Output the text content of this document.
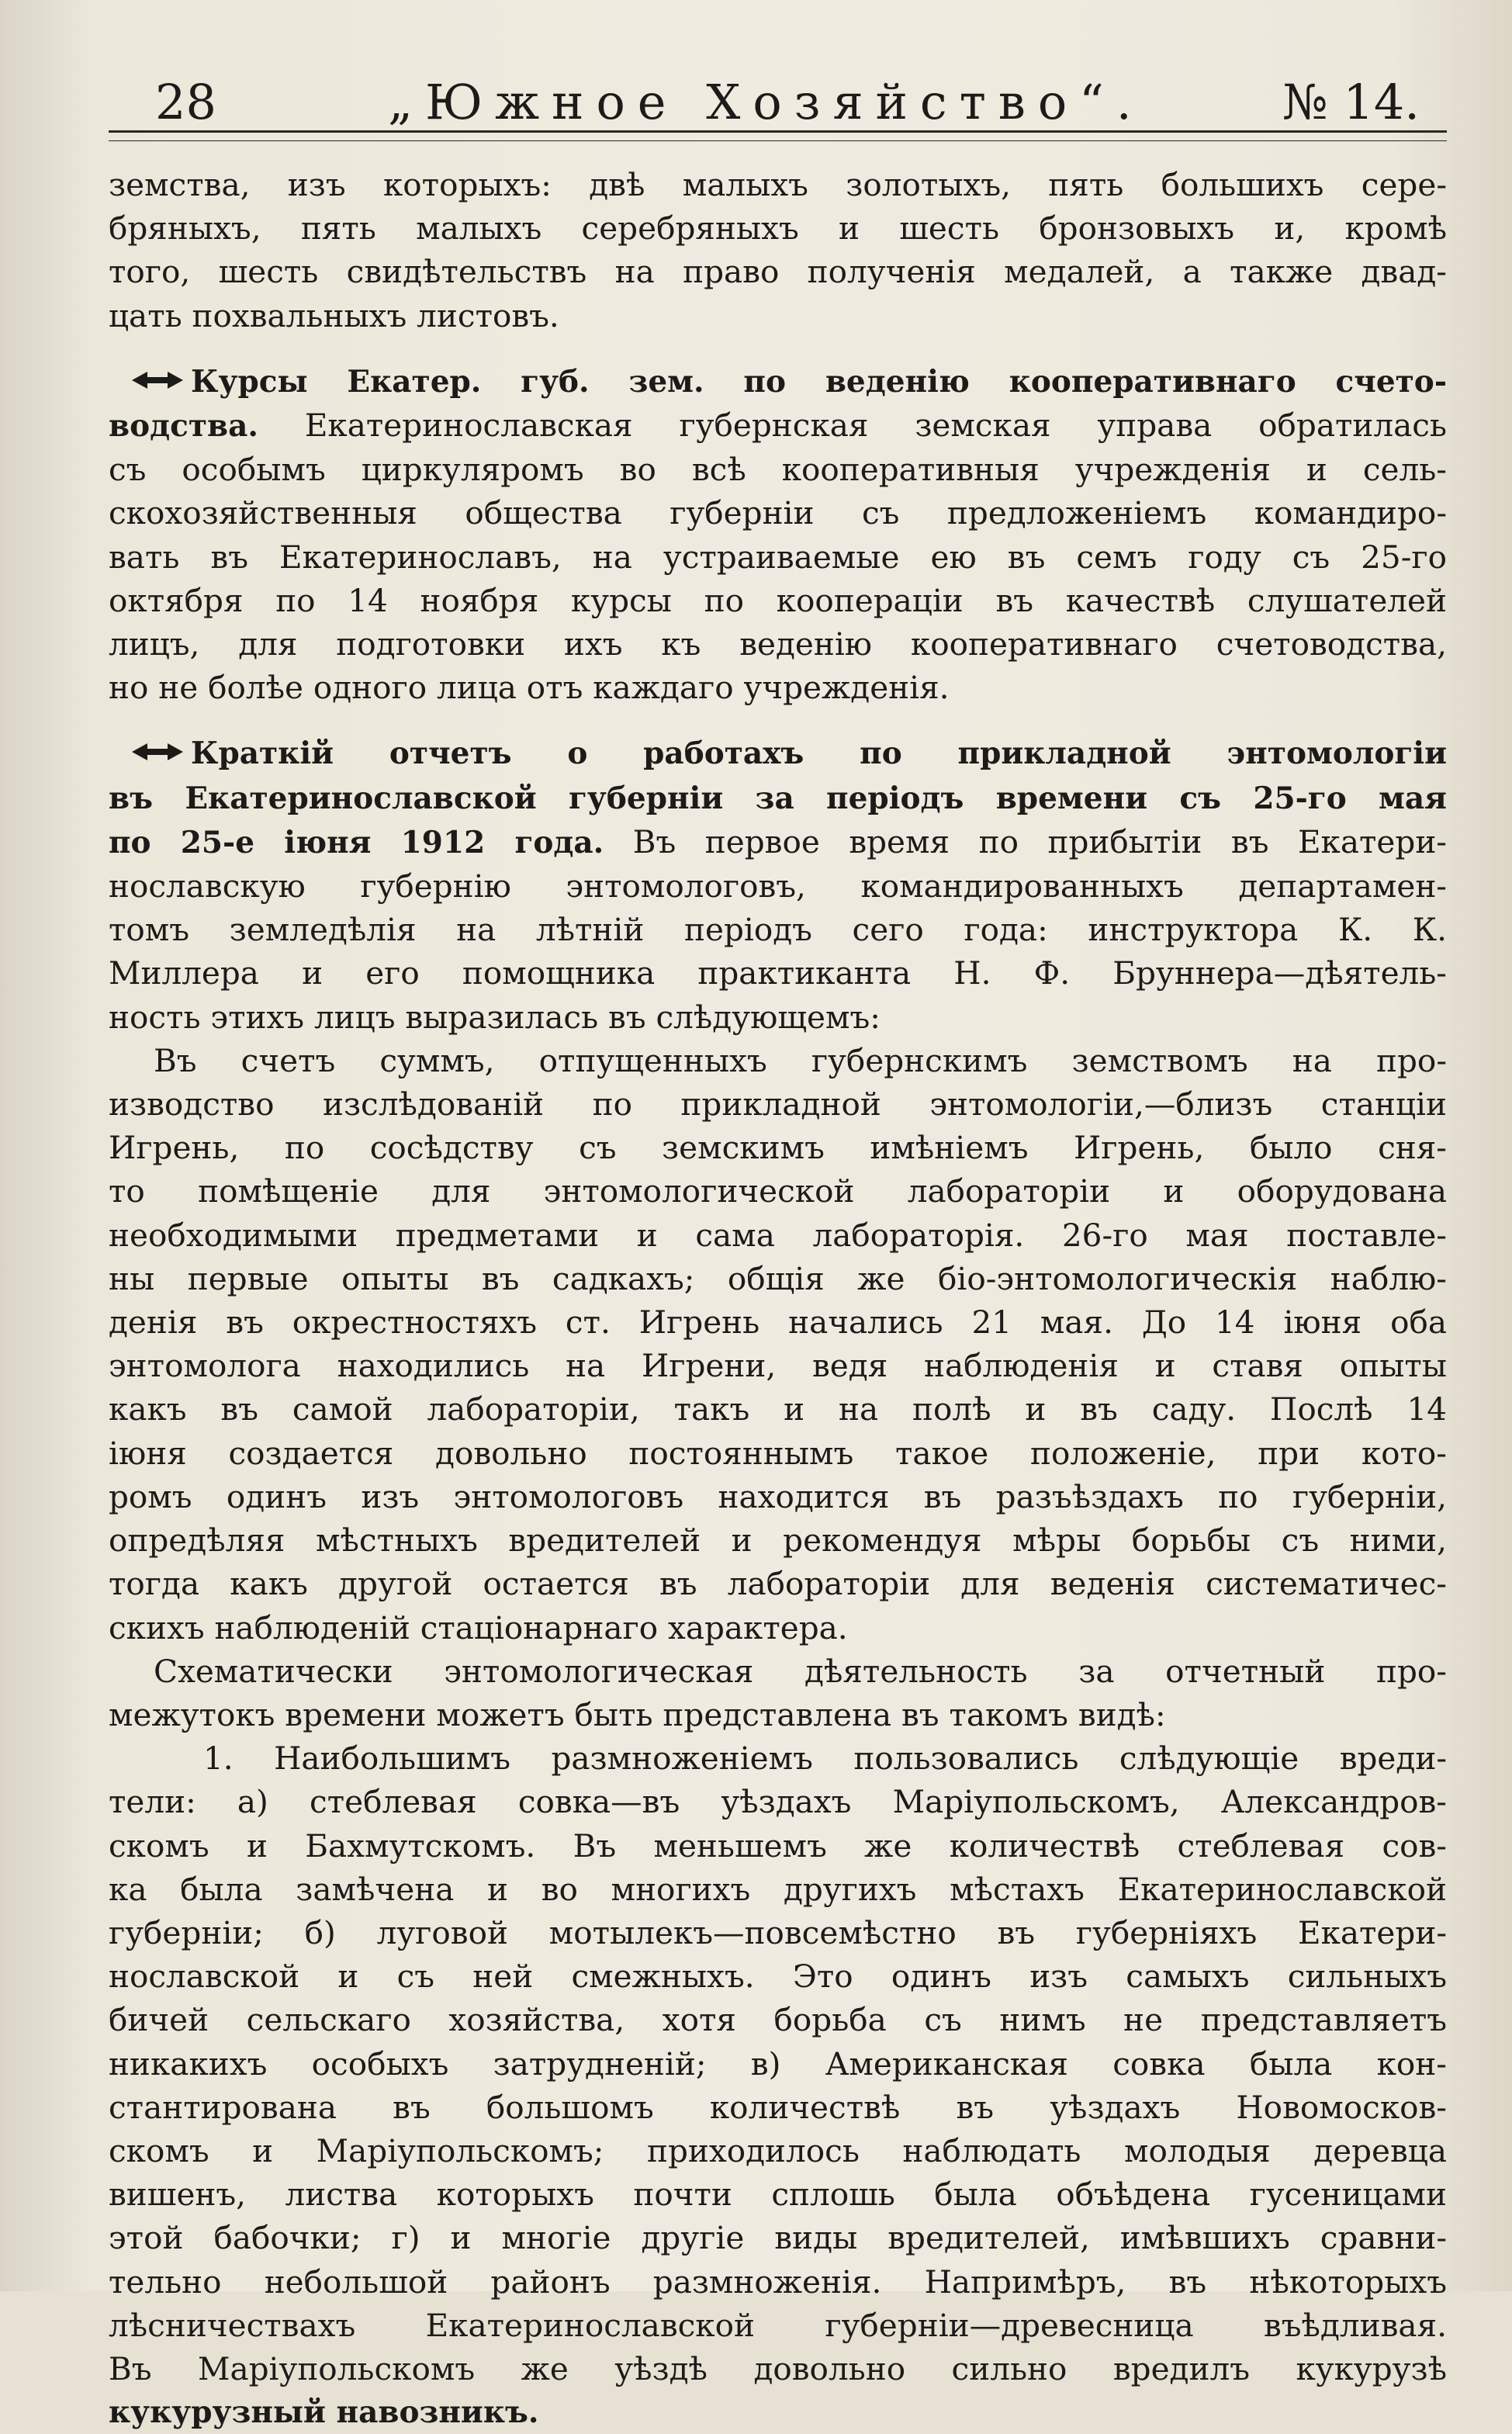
28	„Южное Хозяйство“.	№ 14.

земства, изъ которыхъ: двѣ малыхъ золотыхъ, пять большихъ сере-
бряныхъ, пять малыхъ серебряныхъ и шесть бронзовыхъ и, кромѣ
того, шесть свидѣтельствъ на право полученія медалей, а также двад-
цать похвальныхъ листовъ.

Курсы Екатер. губ. зем. по веденію кооперативнаго счето-
водства. Екатеринославская губернская земская управа обратилась
съ особымъ циркуляромъ во всѣ кооперативныя учрежденія и сель-
скохозяйственныя общества губерніи съ предложеніемъ командиро-
вать въ Екатеринославъ, на устраиваемые ею въ семъ году съ 25-го
октября по 14 ноября курсы по коопераціи въ качествѣ слушателей
лицъ, для подготовки ихъ къ веденію кооперативнаго счетоводства,
но не болѣе одного лица отъ каждаго учрежденія.

Краткій отчетъ о работахъ по прикладной энтомологіи
въ Екатеринославской губерніи за періодъ времени съ 25-го мая
по 25-е іюня 1912 года. Въ первое время по прибытіи въ Екатери-
нославскую губернію энтомологовъ, командированныхъ департамен-
томъ земледѣлія на лѣтній періодъ сего года: инструктора К. К.
Миллера и его помощника практиканта Н. Ф. Бруннера—дѣятель-
ность этихъ лицъ выразилась въ слѣдующемъ:

Въ счетъ суммъ, отпущенныхъ губернскимъ земствомъ на про-
изводство изслѣдованій по прикладной энтомологіи,—близъ станціи
Игрень, по сосѣдству съ земскимъ имѣніемъ Игрень, было сня-
то помѣщеніе для энтомологической лабораторіи и оборудована
необходимыми предметами и сама лабораторія. 26-го мая поставле-
ны первые опыты въ садкахъ; общія же біо-энтомологическія наблю-
денія въ окрестностяхъ ст. Игрень начались 21 мая. До 14 іюня оба
энтомолога находились на Игрени, ведя наблюденія и ставя опыты
какъ въ самой лабораторіи, такъ и на полѣ и въ саду. Послѣ 14
іюня создается довольно постояннымъ такое положеніе, при кото-
ромъ одинъ изъ энтомологовъ находится въ разъѣздахъ по губерніи,
опредѣляя мѣстныхъ вредителей и рекомендуя мѣры борьбы съ ними,
тогда какъ другой остается въ лабораторіи для веденія систематичес-
скихъ наблюденій стаціонарнаго характера.

Схематически энтомологическая дѣятельность за отчетный про-
межутокъ времени можетъ быть представлена въ такомъ видѣ:

1. Наибольшимъ размноженіемъ пользовались слѣдующіе вреди-
тели: а) стеблевая совка—въ уѣздахъ Маріупольскомъ, Александров-
скомъ и Бахмутскомъ. Въ меньшемъ же количествѣ стеблевая сов-
ка была замѣчена и во многихъ другихъ мѣстахъ Екатеринославской
губерніи; б) луговой мотылекъ—повсемѣстно въ губерніяхъ Екатери-
нославской и съ ней смежныхъ. Это одинъ изъ самыхъ сильныхъ
бичей сельскаго хозяйства, хотя борьба съ нимъ не представляетъ
никакихъ особыхъ затрудненій; в) Американская совка была кон-
стантирована въ большомъ количествѣ въ уѣздахъ Новомосков-
скомъ и Маріупольскомъ; приходилось наблюдать молодыя деревца
вишенъ, листва которыхъ почти сплошь была объѣдена гусеницами
этой бабочки; г) и многіе другіе виды вредителей, имѣвшихъ сравни-
тельно небольшой районъ размноженія. Напримѣръ, въ нѣкоторыхъ
лѣсничествахъ Екатеринославской губерніи—древесница въѣдливая.
Въ Маріупольскомъ же уѣздѣ довольно сильно вредилъ кукурузѣ
кукурузный навозникъ.
